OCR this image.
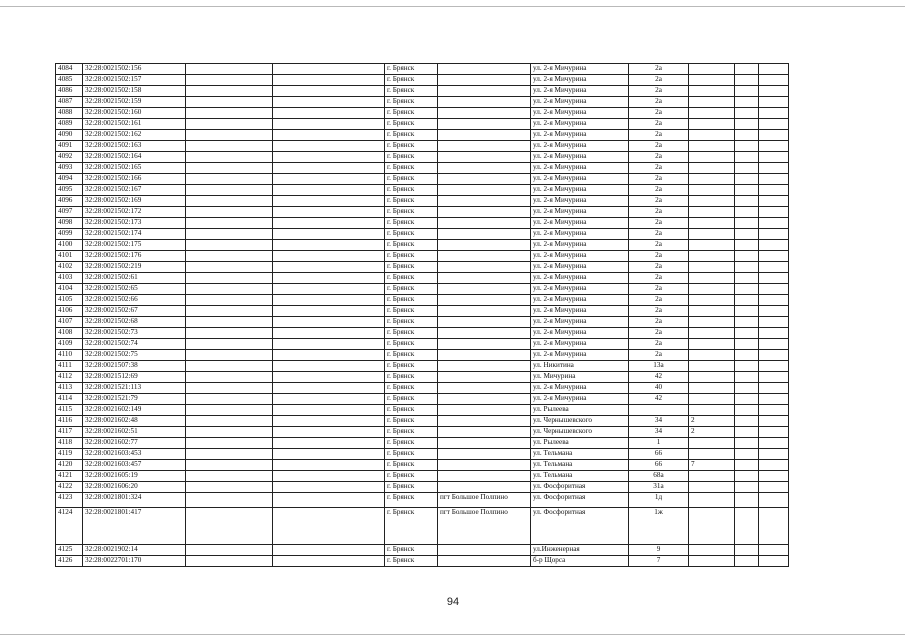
4084	32:28:0021502:156			г. Брянск		ул. 2-я Мичурина	2а			
4085	32:28:0021502:157			г. Брянск		ул. 2-я Мичурина	2а			
4086	32:28:0021502:158			г. Брянск		ул. 2-я Мичурина	2а			
4087	32:28:0021502:159			г. Брянск		ул. 2-я Мичурина	2а			
4088	32:28:0021502:160			г. Брянск		ул. 2-я Мичурина	2а			
4089	32:28:0021502:161			г. Брянск		ул. 2-я Мичурина	2а			
4090	32:28:0021502:162			г. Брянск		ул. 2-я Мичурина	2а			
4091	32:28:0021502:163			г. Брянск		ул. 2-я Мичурина	2а			
4092	32:28:0021502:164			г. Брянск		ул. 2-я Мичурина	2а			
4093	32:28:0021502:165			г. Брянск		ул. 2-я Мичурина	2а			
4094	32:28:0021502:166			г. Брянск		ул. 2-я Мичурина	2а			
4095	32:28:0021502:167			г. Брянск		ул. 2-я Мичурина	2а			
4096	32:28:0021502:169			г. Брянск		ул. 2-я Мичурина	2а			
4097	32:28:0021502:172			г. Брянск		ул. 2-я Мичурина	2а			
4098	32:28:0021502:173			г. Брянск		ул. 2-я Мичурина	2а			
4099	32:28:0021502:174			г. Брянск		ул. 2-я Мичурина	2а			
4100	32:28:0021502:175			г. Брянск		ул. 2-я Мичурина	2а			
4101	32:28:0021502:176			г. Брянск		ул. 2-я Мичурина	2а			
4102	32:28:0021502:219			г. Брянск		ул. 2-я Мичурина	2а			
4103	32:28:0021502:61			г. Брянск		ул. 2-я Мичурина	2а			
4104	32:28:0021502:65			г. Брянск		ул. 2-я Мичурина	2а			
4105	32:28:0021502:66			г. Брянск		ул. 2-я Мичурина	2а			
4106	32:28:0021502:67			г. Брянск		ул. 2-я Мичурина	2а			
4107	32:28:0021502:68			г. Брянск		ул. 2-я Мичурина	2а			
4108	32:28:0021502:73			г. Брянск		ул. 2-я Мичурина	2а			
4109	32:28:0021502:74			г. Брянск		ул. 2-я Мичурина	2а			
4110	32:28:0021502:75			г. Брянск		ул. 2-я Мичурина	2а			
4111	32:28:0021507:38			г. Брянск		ул. Никитина	13а			
4112	32:28:0021512:69			г. Брянск		ул. Мичурина	42			
4113	32:28:0021521:113			г. Брянск		ул. 2-я Мичурина	40			
4114	32:28:0021521:79			г. Брянск		ул. 2-я Мичурина	42			
4115	32:28:0021602:149			г. Брянск		ул. Рылеева				
4116	32:28:0021602:48			г. Брянск		ул. Чернышевского	34	2		
4117	32:28:0021602:51			г. Брянск		ул. Чернышевского	34	2		
4118	32:28:0021602:77			г. Брянск		ул. Рылеева	1			
4119	32:28:0021603:453			г. Брянск		ул. Тельмана	66			
4120	32:28:0021603:457			г. Брянск		ул. Тельмана	66	7		
4121	32:28:0021605:19			г. Брянск		ул. Тельмана	68а			
4122	32:28:0021606:20			г. Брянск		ул. Фосфоритная	31а			
4123	32:28:0021801:324			г. Брянск	пгт Большое Полпино	ул. Фосфоритная	1д			
4124	32:28:0021801:417			г. Брянск	пгт Большое Полпино	ул. Фосфоритная	1ж			
4125	32:28:0021902:14			г. Брянск		ул.Инженерная	9			
4126	32:28:0022701:170			г. Брянск		б-р Щорса	7			
94
